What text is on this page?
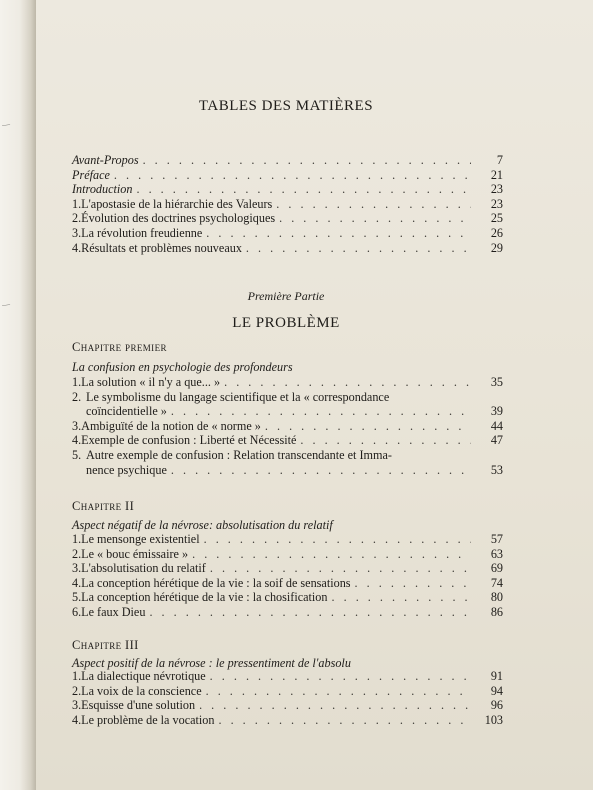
—
—
TABLES DES MATIÈRES
Avant-Propos . . .	7
Préface . . .	21
Introduction . . .	23
1. L'apostasie de la hiérarchie des Valeurs . . .	23
2. Évolution des doctrines psychologiques . . .	25
3. La révolution freudienne . . .	26
4. Résultats et problèmes nouveaux . . .	29
Première Partie
LE PROBLÈME
Chapitre premier
La confusion en psychologie des profondeurs
1. La solution « il n'y a que... » . . .	35
2. Le symbolisme du langage scientifique et la « correspondance
coïncidentielle » . . .	39
3. Ambiguïté de la notion de « norme » . . .	44
4. Exemple de confusion : Liberté et Nécessité . . .	47
5. Autre exemple de confusion : Relation transcendante et Imma-
nence psychique . . .	53
Chapitre II
Aspect négatif de la névrose: absolutisation du relatif
1. Le mensonge existentiel . . .	57
2. Le « bouc émissaire » . . .	63
3. L'absolutisation du relatif . . .	69
4. La conception hérétique de la vie : la soif de sensations . . .	74
5. La conception hérétique de la vie : la chosification . . .	80
6. Le faux Dieu . . .	86
Chapitre III
Aspect positif de la névrose : le pressentiment de l'absolu
1. La dialectique névrotique . . .	91
2. La voix de la conscience . . .	94
3. Esquisse d'une solution . . .	96
4. Le problème de la vocation . . .	103
